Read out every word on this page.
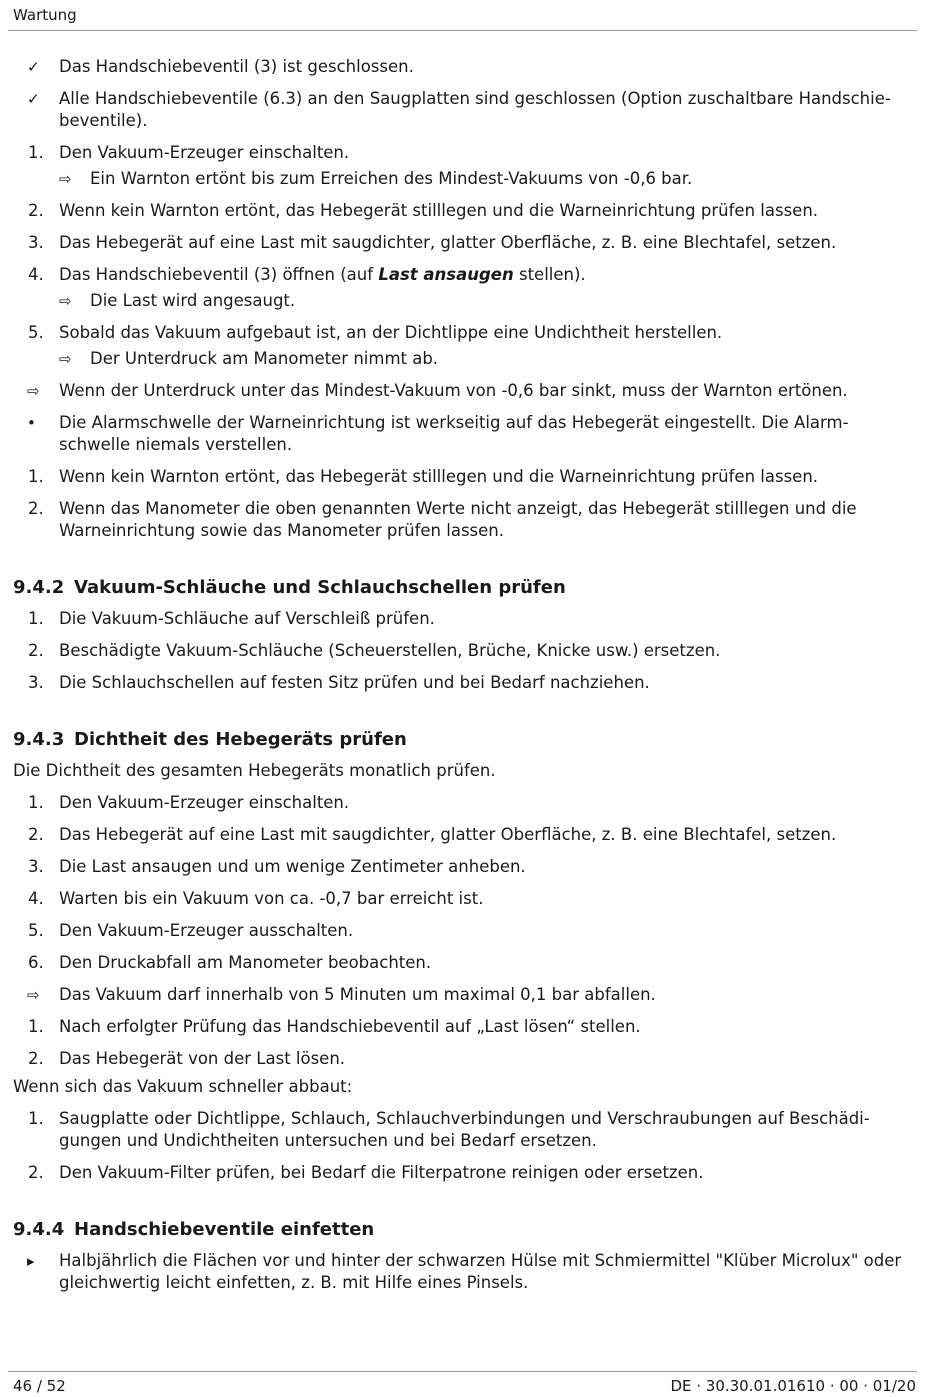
Wartung
✓ Das Handschiebeventil (3) ist geschlossen.
✓ Alle Handschiebeventile (6.3) an den Saugplatten sind geschlossen (Option zuschaltbare Handschie-beventile).
1. Den Vakuum-Erzeuger einschalten.
⇨ Ein Warnton ertönt bis zum Erreichen des Mindest-Vakuums von -0,6 bar.
2. Wenn kein Warnton ertönt, das Hebegerät stilllegen und die Warneinrichtung prüfen lassen.
3. Das Hebegerät auf eine Last mit saugdichter, glatter Oberfläche, z. B. eine Blechtafel, setzen.
4. Das Handschiebeventil (3) öffnen (auf Last ansaugen stellen).
⇨ Die Last wird angesaugt.
5. Sobald das Vakuum aufgebaut ist, an der Dichtlippe eine Undichtheit herstellen.
⇨ Der Unterdruck am Manometer nimmt ab.
⇨ Wenn der Unterdruck unter das Mindest-Vakuum von -0,6 bar sinkt, muss der Warnton ertönen.
• Die Alarmschwelle der Warneinrichtung ist werkseitig auf das Hebegerät eingestellt. Die Alarm-schwelle niemals verstellen.
1. Wenn kein Warnton ertönt, das Hebegerät stilllegen und die Warneinrichtung prüfen lassen.
2. Wenn das Manometer die oben genannten Werte nicht anzeigt, das Hebegerät stilllegen und die Warneinrichtung sowie das Manometer prüfen lassen.
9.4.2 Vakuum-Schläuche und Schlauchschellen prüfen
1. Die Vakuum-Schläuche auf Verschleiß prüfen.
2. Beschädigte Vakuum-Schläuche (Scheuerstellen, Brüche, Knicke usw.) ersetzen.
3. Die Schlauchschellen auf festen Sitz prüfen und bei Bedarf nachziehen.
9.4.3 Dichtheit des Hebegeräts prüfen
Die Dichtheit des gesamten Hebegeräts monatlich prüfen.
1. Den Vakuum-Erzeuger einschalten.
2. Das Hebegerät auf eine Last mit saugdichter, glatter Oberfläche, z. B. eine Blechtafel, setzen.
3. Die Last ansaugen und um wenige Zentimeter anheben.
4. Warten bis ein Vakuum von ca. -0,7 bar erreicht ist.
5. Den Vakuum-Erzeuger ausschalten.
6. Den Druckabfall am Manometer beobachten.
⇨ Das Vakuum darf innerhalb von 5 Minuten um maximal 0,1 bar abfallen.
1. Nach erfolgter Prüfung das Handschiebeventil auf „Last lösen“ stellen.
2. Das Hebegerät von der Last lösen.
Wenn sich das Vakuum schneller abbaut:
1. Saugplatte oder Dichtlippe, Schlauch, Schlauchverbindungen und Verschraubungen auf Beschädi-gungen und Undichtheiten untersuchen und bei Bedarf ersetzen.
2. Den Vakuum-Filter prüfen, bei Bedarf die Filterpatrone reinigen oder ersetzen.
9.4.4 Handschiebeventile einfetten
▸ Halbjährlich die Flächen vor und hinter der schwarzen Hülse mit Schmiermittel "Klüber Microlux" oder gleichwertig leicht einfetten, z. B. mit Hilfe eines Pinsels.
46 / 52	DE · 30.30.01.01610 · 00 · 01/20
